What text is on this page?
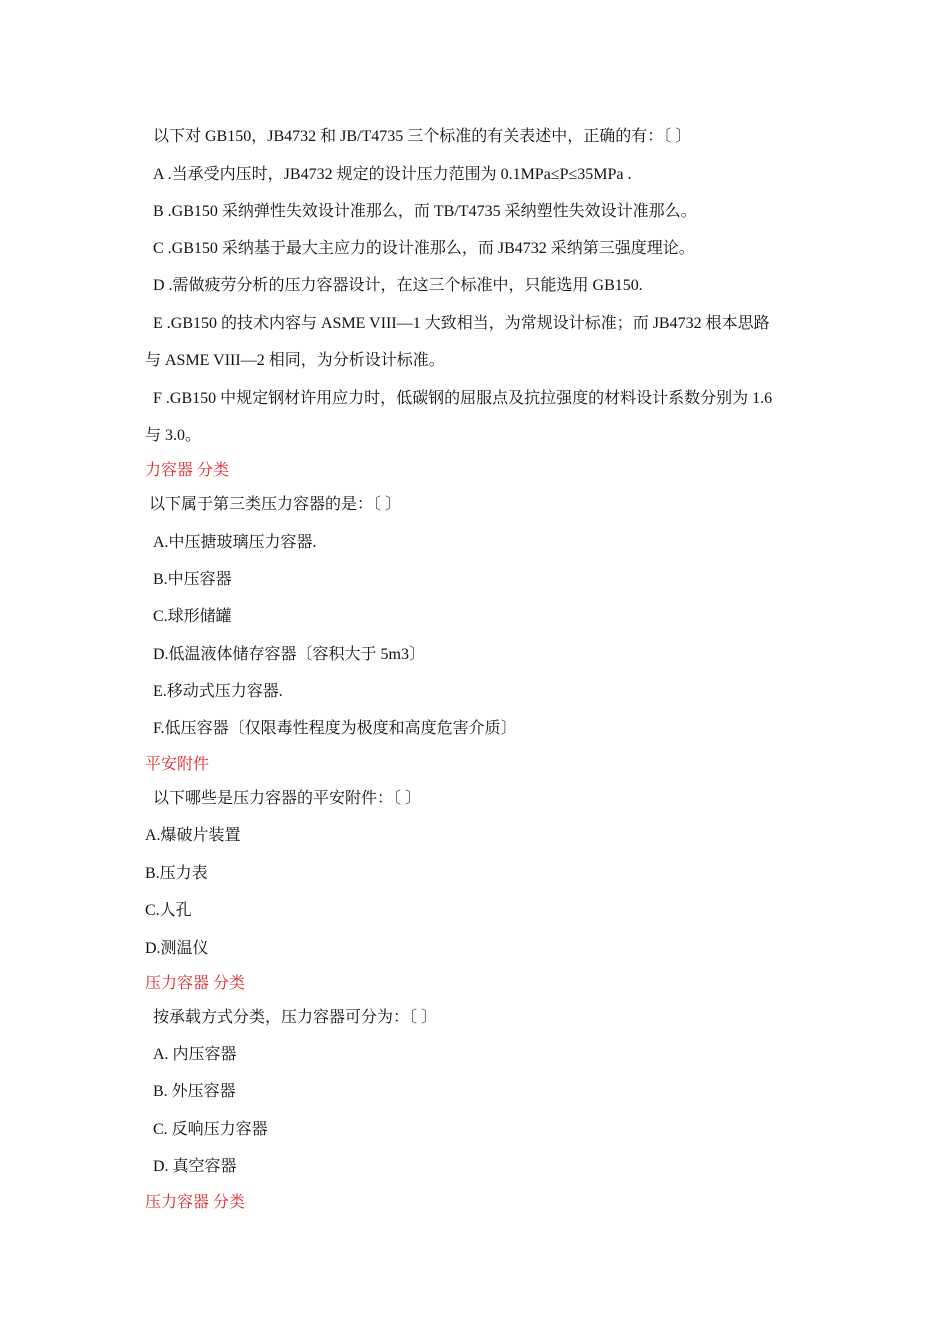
以下对 GB150，JB4732 和 JB/T4735 三个标准的有关表述中，正确的有：〔 〕
A .当承受内压时，JB4732 规定的设计压力范围为 0.1MPa≤P≤35MPa .
B .GB150 采纳弹性失效设计准那么，而 TB/T4735 采纳塑性失效设计准那么。
C .GB150 采纳基于最大主应力的设计准那么，而 JB4732 采纳第三强度理论。
D .需做疲劳分析的压力容器设计，在这三个标准中，只能选用 GB150.
E .GB150 的技术内容与 ASME VIII—1 大致相当，为常规设计标准；而 JB4732 根本思路
与 ASME VIII—2 相同，为分析设计标准。
F .GB150 中规定钢材许用应力时，低碳钢的屈服点及抗拉强度的材料设计系数分别为 1.6
与 3.0。
力容器 分类
以下属于第三类压力容器的是：〔 〕
A.中压搪玻璃压力容器.
B.中压容器
C.球形储罐
D.低温液体储存容器〔容积大于 5m3〕
E.移动式压力容器.
F.低压容器〔仅限毒性程度为极度和高度危害介质〕
平安附件
以下哪些是压力容器的平安附件：〔 〕
A.爆破片装置
B.压力表
C.人孔
D.测温仪
压力容器 分类
按承载方式分类，压力容器可分为：〔 〕
A. 内压容器
B. 外压容器
C. 反响压力容器
D. 真空容器
压力容器 分类
